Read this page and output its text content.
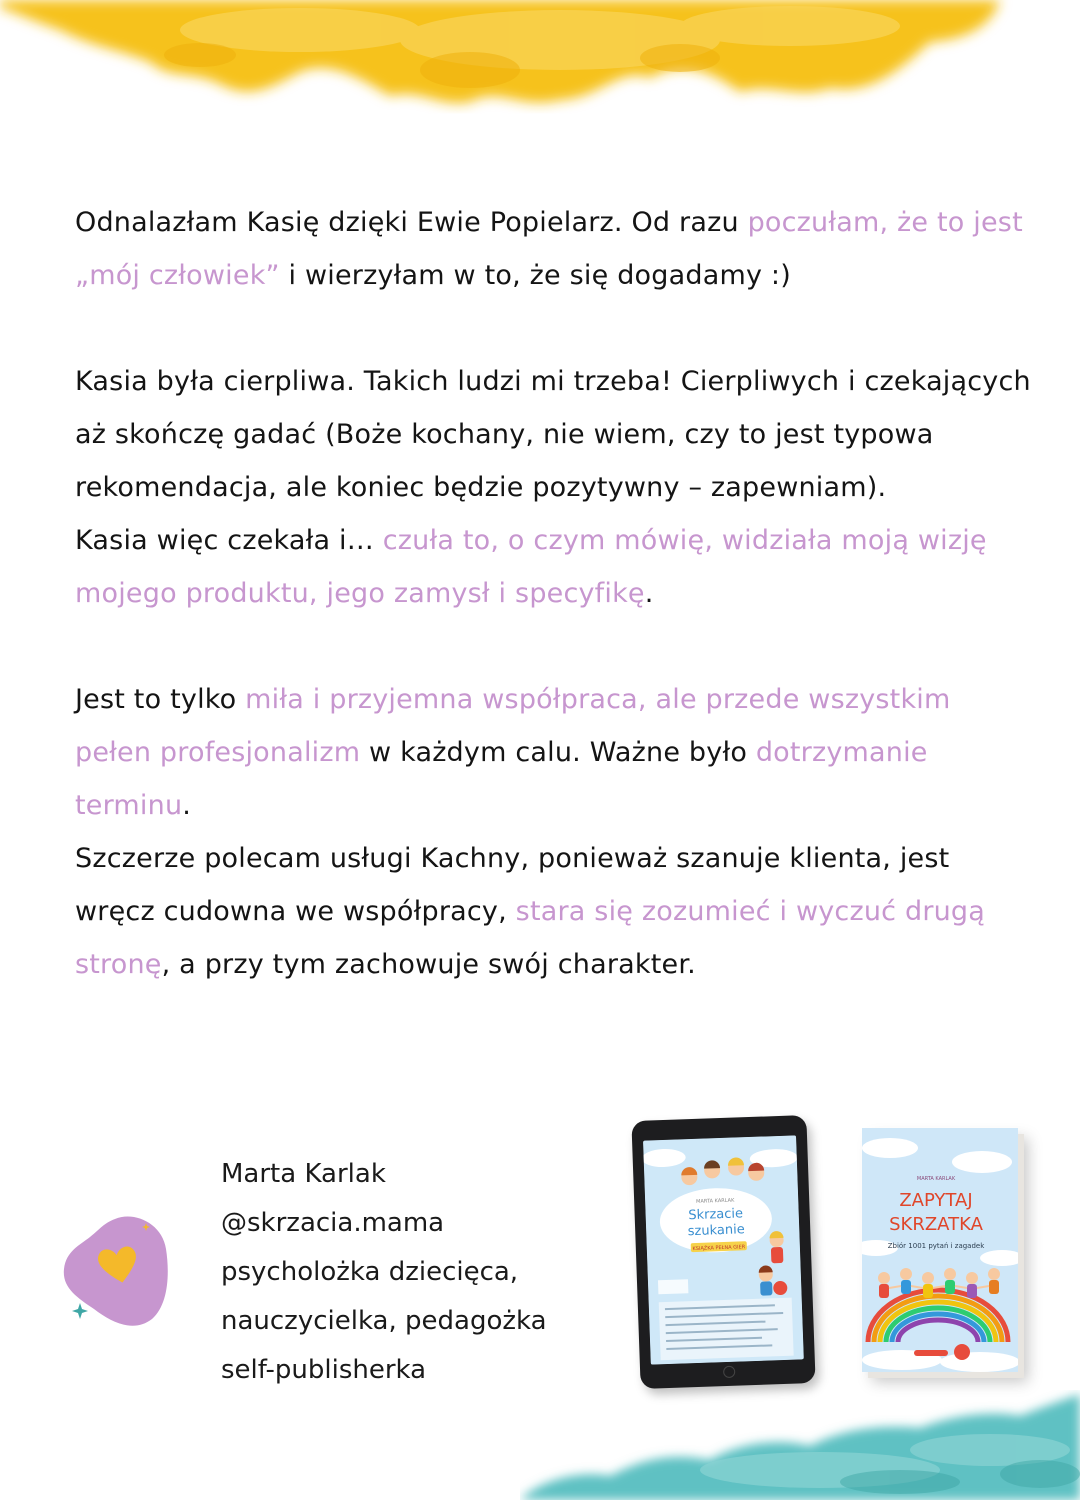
Odnalazłam Kasię dzięki Ewie Popielarz. Od razu poczułam, że to jest „mój człowiek” i wierzyłam w to, że się dogadamy :)

Kasia była cierpliwa. Takich ludzi mi trzeba! Cierpliwych i czekających aż skończę gadać (Boże kochany, nie wiem, czy to jest typowa rekomendacja, ale koniec będzie pozytywny – zapewniam).

Kasia więc czekała i… czuła to, o czym mówię, widziała moją wizję mojego produktu, jego zamysł i specyfikę.

Jest to tylko miła i przyjemna współpraca, ale przede wszystkim pełen profesjonalizm w każdym calu. Ważne było dotrzymanie terminu.

Szczerze polecam usługi Kachny, ponieważ szanuje klienta, jest wręcz cudowna we współpracy, stara się zozumieć i wyczuć drugą stronę, a przy tym zachowuje swój charakter.

Marta Karlak
@skrzacia.mama
psycholożka dziecięca,
nauczycielka, pedagożka
self-publisherka
MARTA KARLAK
Skrzacie
szukanie
KSIĄŻKA PEŁNA GIER
MARTA KARLAK
ZAPYTAJ
SKRZATKA
Zbiór 1001 pytań i zagadek
